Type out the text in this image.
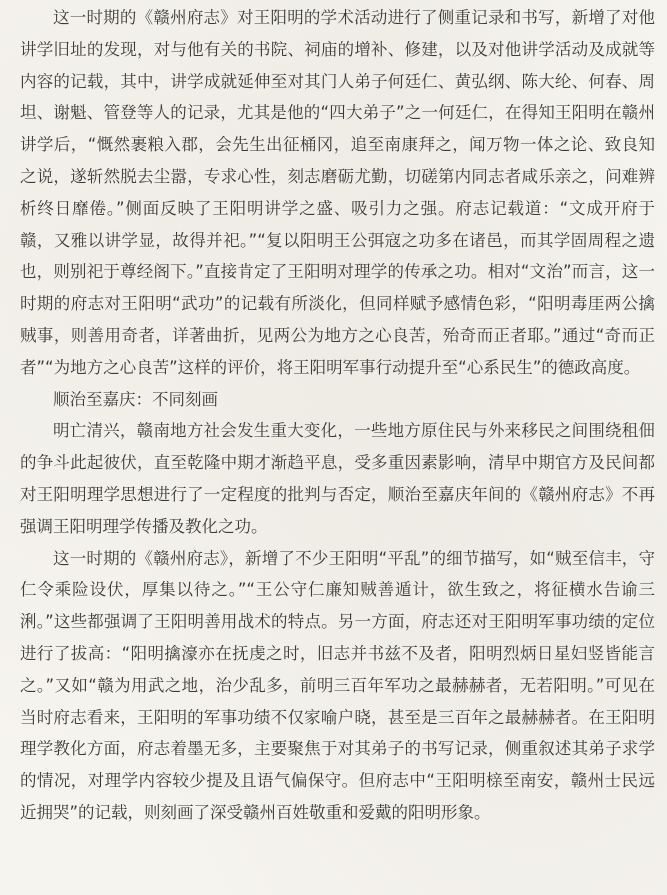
这一时期的《赣州府志》对王阳明的学术活动进行了侧重记录和书写，新增了对他讲学旧址的发现，对与他有关的书院、祠庙的增补、修建，以及对他讲学活动及成就等内容的记载，其中，讲学成就延伸至对其门人弟子何廷仁、黄弘纲、陈大纶、何春、周坦、谢魁、管登等人的记录，尤其是他的“四大弟子”之一何廷仁，在得知王阳明在赣州讲学后，“慨然裹粮入郡，会先生出征桶冈，追至南康拜之，闻万物一体之论、致良知之说，遂斩然脱去尘嚣，专求心性，刻志磨砺尤勤，切磋第内同志者咸乐亲之，问难辨析终日靡倦。”侧面反映了王阳明讲学之盛、吸引力之强。府志记载道：“文成开府于赣，又雅以讲学显，故得并祀。”“复以阳明王公弭寇之功多在诸邑，而其学固周程之遗也，则别祀于尊经阁下。”直接肯定了王阳明对理学的传承之功。相对“文治”而言，这一时期的府志对王阳明“武功”的记载有所淡化，但同样赋予感情色彩，“阳明毒厓两公擒贼事，则善用奇者，详著曲折，见两公为地方之心良苦，殆奇而正者耶。”通过“奇而正者”“为地方之心良苦”这样的评价，将王阳明军事行动提升至“心系民生”的德政高度。

顺治至嘉庆：不同刻画

明亡清兴，赣南地方社会发生重大变化，一些地方原住民与外来移民之间围绕租佃的争斗此起彼伏，直至乾隆中期才渐趋平息，受多重因素影响，清早中期官方及民间都对王阳明理学思想进行了一定程度的批判与否定，顺治至嘉庆年间的《赣州府志》不再强调王阳明理学传播及教化之功。

这一时期的《赣州府志》，新增了不少王阳明“平乱”的细节描写，如“贼至信丰，守仁令乘险设伏，厚集以待之。”“王公守仁廉知贼善遁计，欲生致之，将征横水告谕三浰。”这些都强调了王阳明善用战术的特点。另一方面，府志还对王阳明军事功绩的定位进行了拔高：“阳明擒濠亦在抚虔之时，旧志并书兹不及者，阳明烈炳日星妇竖皆能言之。”又如“赣为用武之地，治少乱多，前明三百年军功之最赫赫者，无若阳明。”可见在当时府志看来，王阳明的军事功绩不仅家喻户晓，甚至是三百年之最赫赫者。在王阳明理学教化方面，府志着墨无多，主要聚焦于对其弟子的书写记录，侧重叙述其弟子求学的情况，对理学内容较少提及且语气偏保守。但府志中“王阳明榇至南安，赣州士民远近拥哭”的记载，则刻画了深受赣州百姓敬重和爱戴的阳明形象。
